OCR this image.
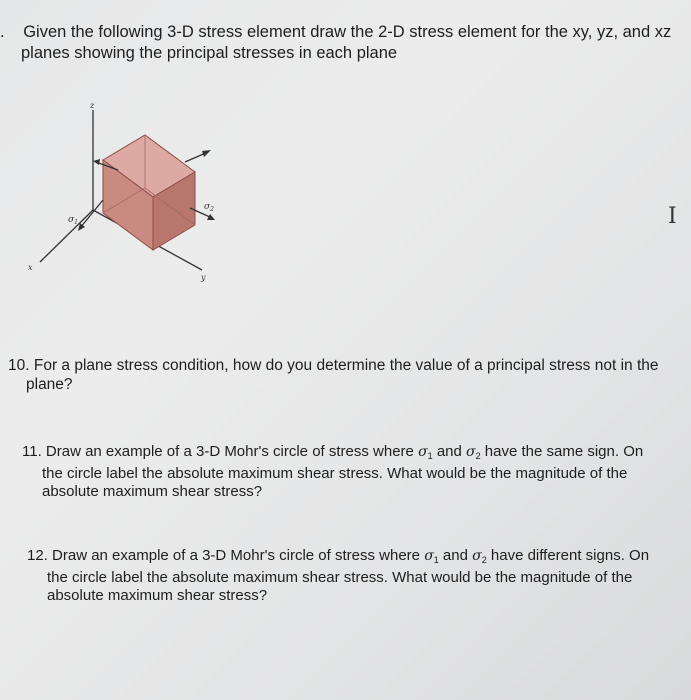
. Given the following 3-D stress element draw the 2-D stress element for the xy, yz, and xz
planes showing the principal stresses in each plane
z
x
y
$\sigma_1$
$\sigma_2$	I
10. For a plane stress condition, how do you determine the value of a principal stress not in the
plane?
11. Draw an example of a 3-D Mohr's circle of stress where $\sigma_1$ and $\sigma_2$ have the same sign. On
the circle label the absolute maximum shear stress. What would be the magnitude of the
absolute maximum shear stress?
12. Draw an example of a 3-D Mohr's circle of stress where $\sigma_1$ and $\sigma_2$ have different signs. On
the circle label the absolute maximum shear stress. What would be the magnitude of the
absolute maximum shear stress?
